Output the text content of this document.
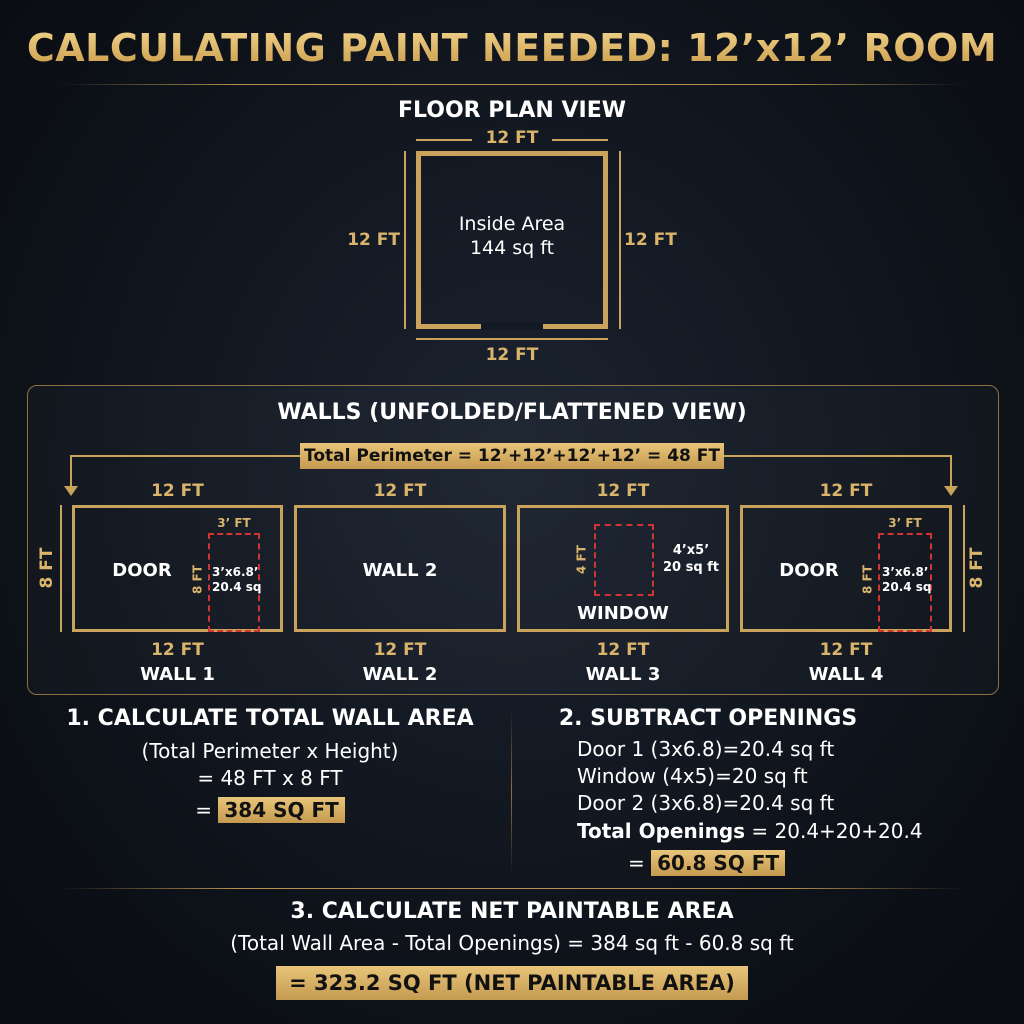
CALCULATING PAINT NEEDED: 12’x12’ ROOM
FLOOR PLAN VIEW
12 FT
12 FT	12 FT
Inside Area
144 sq ft
12 FT
WALLS (UNFOLDED/FLATTENED VIEW)
Total Perimeter = 12’+12’+12’+12’ = 48 FT
8 FT	8 FT
12 FT
DOOR
3’ FT
8 FT 3’x6.8’
20.4 sq
12 FT
WALL 1
12 FT
WALL 2
12 FT
WALL 2
12 FT
4 FT	4’x5’
20 sq ft
WINDOW
12 FT
WALL 3
12 FT
DOOR
3’ FT
8 FT 3’x6.8’
20.4 sq
12 FT
WALL 4
1. CALCULATE TOTAL WALL AREA
(Total Perimeter x Height)
= 48 FT x 8 FT
= 384 SQ FT
2. SUBTRACT OPENINGS
Door 1 (3x6.8)=20.4 sq ft
Window (4x5)=20 sq ft
Door 2 (3x6.8)=20.4 sq ft
Total Openings = 20.4+20+20.4
= 60.8 SQ FT
3. CALCULATE NET PAINTABLE AREA
(Total Wall Area - Total Openings) = 384 sq ft - 60.8 sq ft
= 323.2 SQ FT (NET PAINTABLE AREA)
